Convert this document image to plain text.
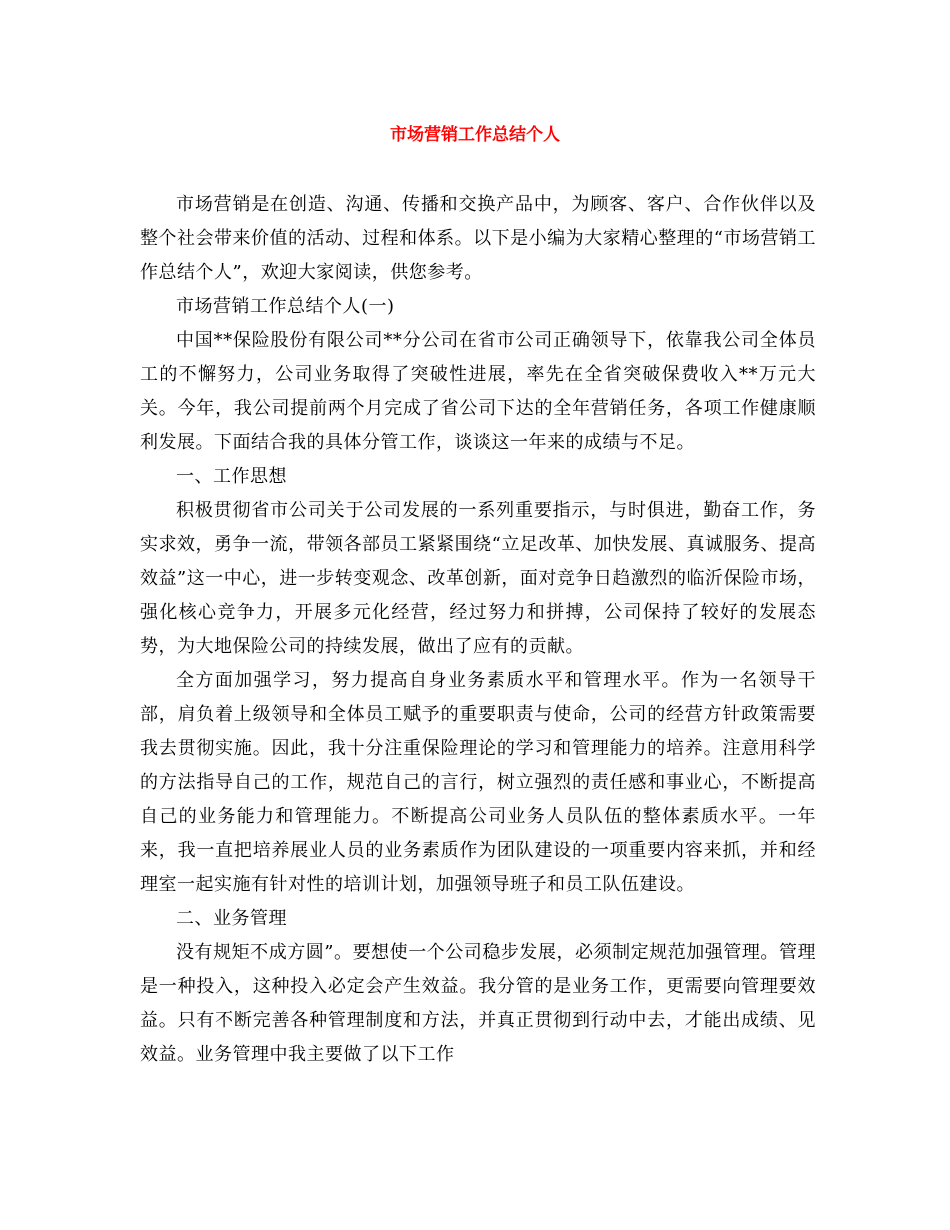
市场营销工作总结个人

市场营销是在创造、沟通、传播和交换产品中，为顾客、客户、合作伙伴以及整个社会带来价值的活动、过程和体系。以下是小编为大家精心整理的“市场营销工作总结个人”，欢迎大家阅读，供您参考。

市场营销工作总结个人(一)

中国**保险股份有限公司**分公司在省市公司正确领导下，依靠我公司全体员工的不懈努力，公司业务取得了突破性进展，率先在全省突破保费收入**万元大关。今年，我公司提前两个月完成了省公司下达的全年营销任务，各项工作健康顺利发展。下面结合我的具体分管工作，谈谈这一年来的成绩与不足。

一、工作思想

积极贯彻省市公司关于公司发展的一系列重要指示，与时俱进，勤奋工作，务实求效，勇争一流，带领各部员工紧紧围绕“立足改革、加快发展、真诚服务、提高效益”这一中心，进一步转变观念、改革创新，面对竞争日趋激烈的临沂保险市场，强化核心竞争力，开展多元化经营，经过努力和拼搏，公司保持了较好的发展态势，为大地保险公司的持续发展，做出了应有的贡献。

全方面加强学习，努力提高自身业务素质水平和管理水平。作为一名领导干部，肩负着上级领导和全体员工赋予的重要职责与使命，公司的经营方针政策需要我去贯彻实施。因此，我十分注重保险理论的学习和管理能力的培养。注意用科学的方法指导自己的工作，规范自己的言行，树立强烈的责任感和事业心，不断提高自己的业务能力和管理能力。不断提高公司业务人员队伍的整体素质水平。一年来，我一直把培养展业人员的业务素质作为团队建设的一项重要内容来抓，并和经理室一起实施有针对性的培训计划，加强领导班子和员工队伍建设。

二、业务管理

没有规矩不成方圆”。要想使一个公司稳步发展，必须制定规范加强管理。管理是一种投入，这种投入必定会产生效益。我分管的是业务工作，更需要向管理要效益。只有不断完善各种管理制度和方法，并真正贯彻到行动中去，才能出成绩、见效益。业务管理中我主要做了以下工作
